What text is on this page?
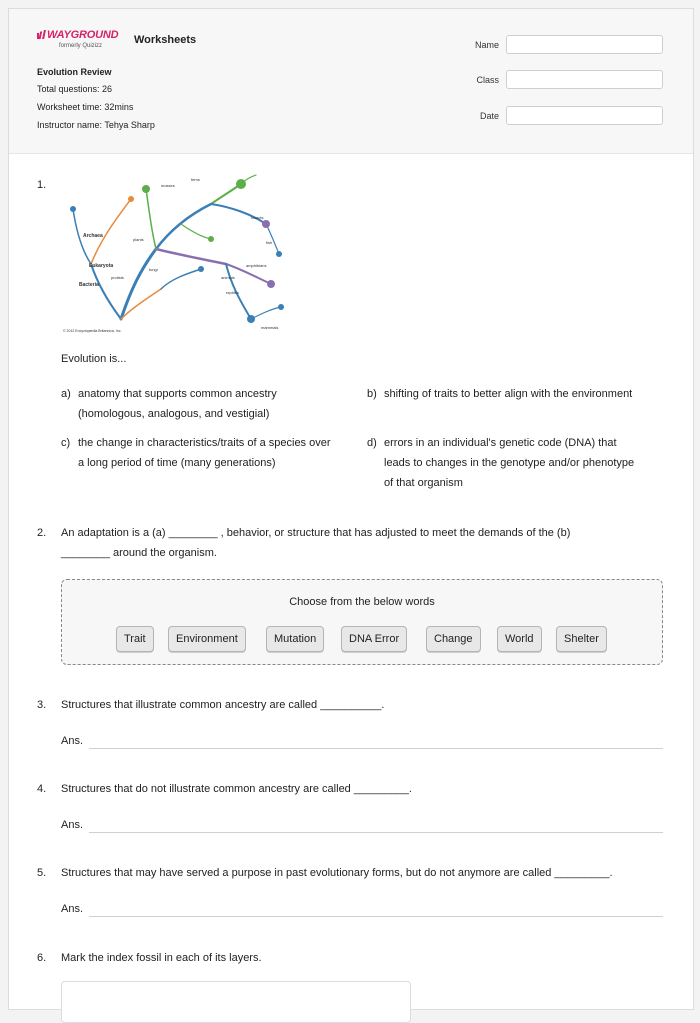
WAYGROUND
formerly Quizizz	Worksheets
Evolution Review
Total questions: 26
Worksheet time: 32mins
Instructor name: Tehya Sharp
Name
Class
Date
1.
Archaea
Eukaryota
Bacteria
plants
fungi
protists	animals
mammals
amphibians
reptiles
fish
insects
mosses
ferns
© 2012 Encyclopædia Britannica, Inc.
Evolution is...
a) anatomy that supports common ancestry
(homologous, analogous, and vestigial)
b) shifting of traits to better align with the environment
c) the change in characteristics/traits of a species over
a long period of time (many generations)
d) errors in an individual's genetic code (DNA) that
leads to changes in the genotype and/or phenotype
of that organism
2. An adaptation is a (a) ________ , behavior, or structure that has adjusted to meet the demands of the (b)
________ around the organism.
Choose from the below words
Trait	Environment	Mutation	DNA Error	Change	World	Shelter
3. Structures that illustrate common ancestry are called __________.
Ans.
4. Structures that do not illustrate common ancestry are called _________.
Ans.
5. Structures that may have served a purpose in past evolutionary forms, but do not anymore are called _________.
Ans.
6. Mark the index fossil in each of its layers.
